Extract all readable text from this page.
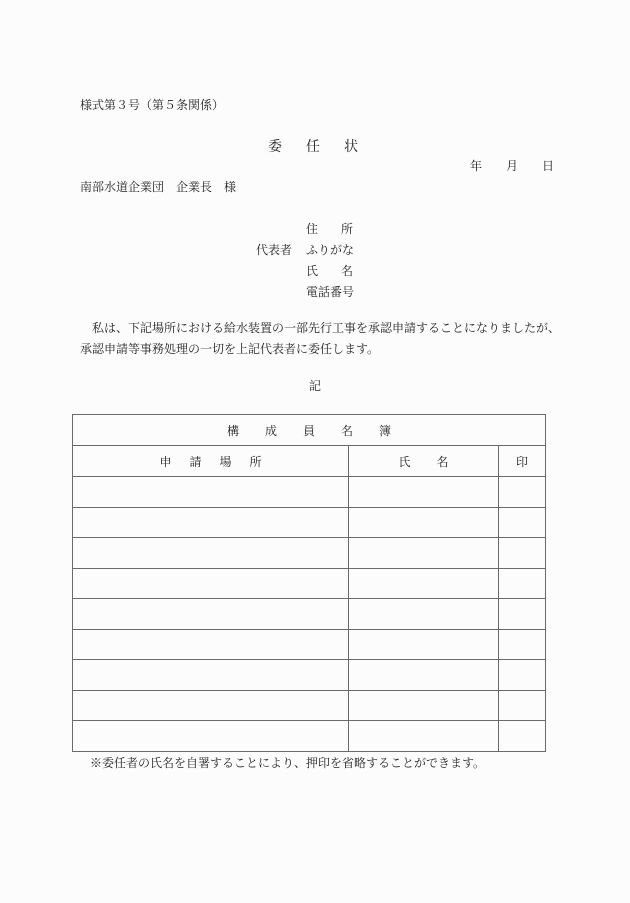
様式第３号（第５条関係）
委 任 状
年 月 日
南部水道企業団　企業長　様
住 所
代表者	ふりがな
氏 名
電話番号

私は、下記場所における給水装置の一部先行工事を承認申請することになりましたが、

承認申請等事務処理の一切を上記代表者に委任します。

記
構 成 員 名 簿		
申 請 場 所	氏 名	印

※委任者の氏名を自署することにより、押印を省略することができます。
